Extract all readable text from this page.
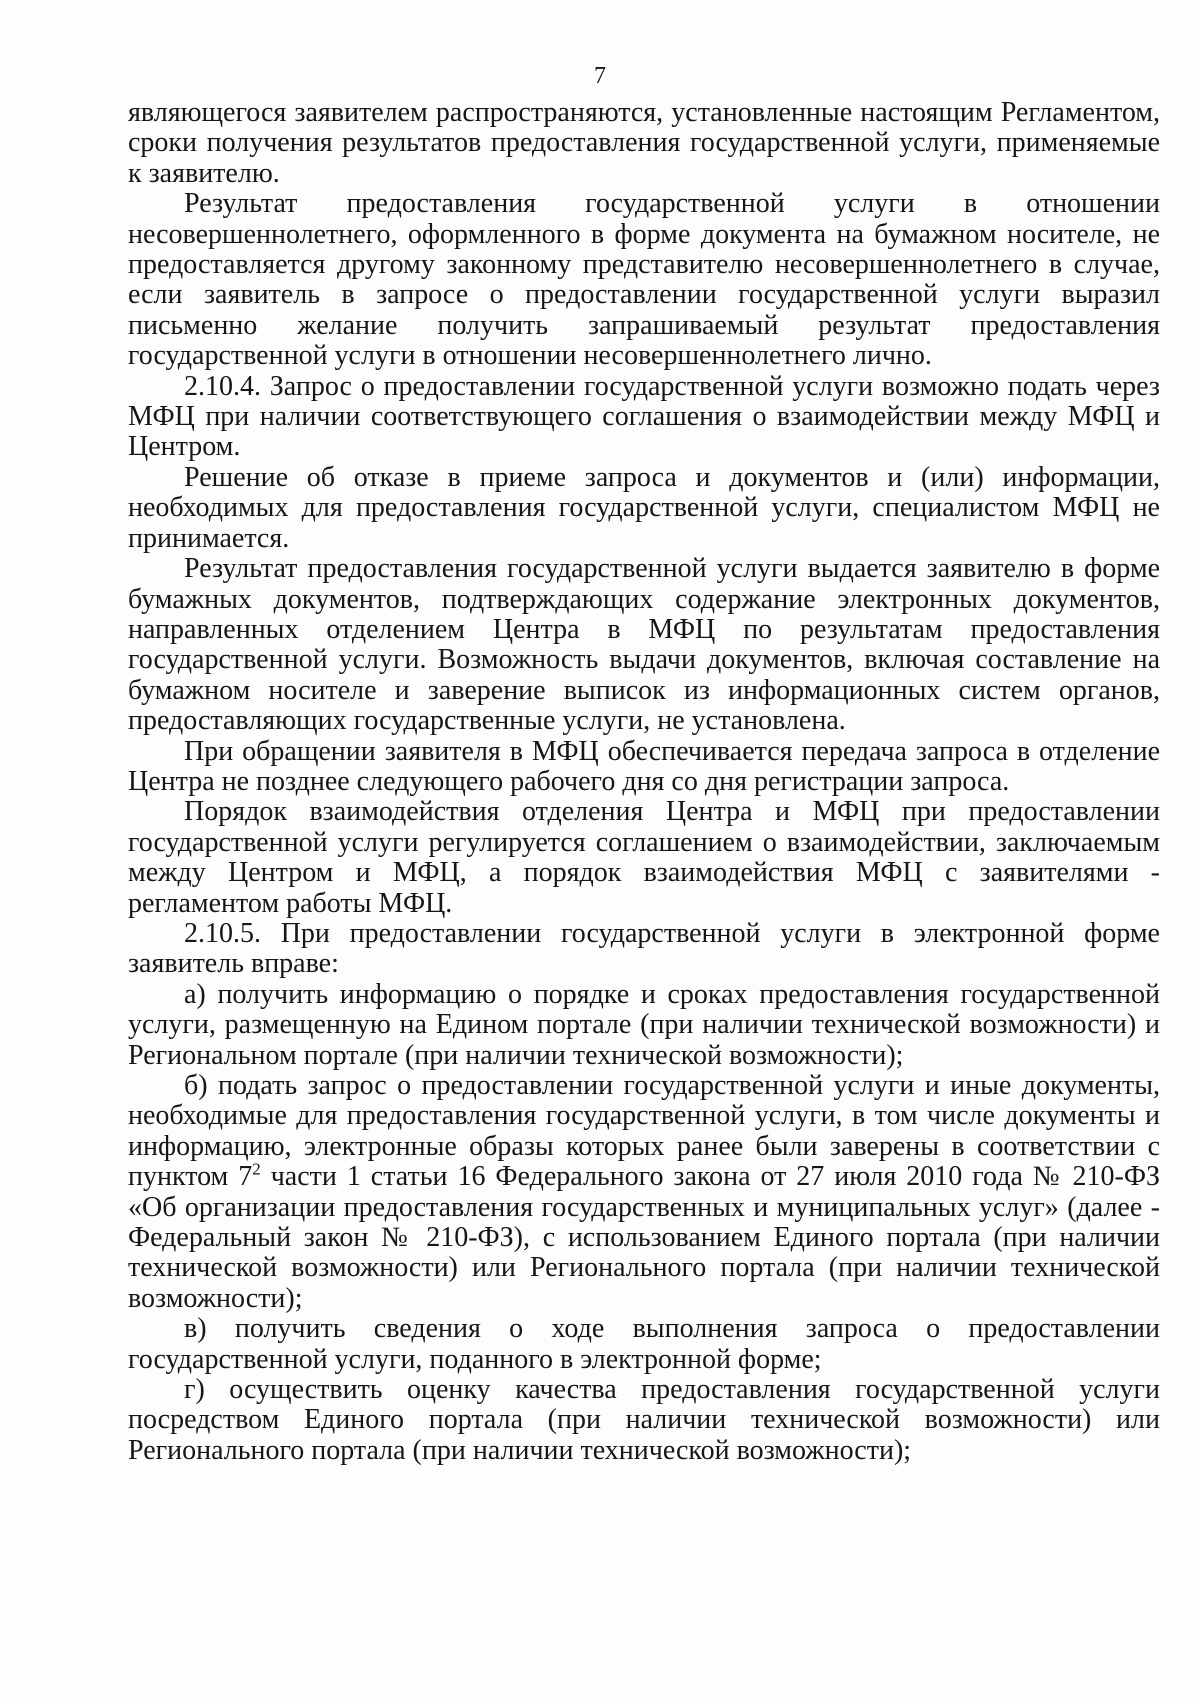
7

являющегося заявителем распространяются, установленные настоящим Регламентом, сроки получения результатов предоставления государственной услуги, применяемые к заявителю.

Результат предоставления государственной услуги в отношении несовершеннолетнего, оформленного в форме документа на бумажном носителе, не предоставляется другому законному представителю несовершеннолетнего в случае, если заявитель в запросе о предоставлении государственной услуги выразил письменно желание получить запрашиваемый результат предоставления государственной услуги в отношении несовершеннолетнего лично.

2.10.4. Запрос о предоставлении государственной услуги возможно подать через МФЦ при наличии соответствующего соглашения о взаимодействии между МФЦ и Центром.

Решение об отказе в приеме запроса и документов и (или) информации, необходимых для предоставления государственной услуги, специалистом МФЦ не принимается.

Результат предоставления государственной услуги выдается заявителю в форме бумажных документов, подтверждающих содержание электронных документов, направленных отделением Центра в МФЦ по результатам предоставления государственной услуги. Возможность выдачи документов, включая составление на бумажном носителе и заверение выписок из информационных систем органов, предоставляющих государственные услуги, не установлена.

При обращении заявителя в МФЦ обеспечивается передача запроса в отделение Центра не позднее следующего рабочего дня со дня регистрации запроса.

Порядок взаимодействия отделения Центра и МФЦ при предоставлении государственной услуги регулируется соглашением о взаимодействии, заключаемым между Центром и МФЦ, а порядок взаимодействия МФЦ с заявителями - регламентом работы МФЦ.

2.10.5. При предоставлении государственной услуги в электронной форме заявитель вправе:

а) получить информацию о порядке и сроках предоставления государственной услуги, размещенную на Едином портале (при наличии технической возможности) и Региональном портале (при наличии технической возможности);

б) подать запрос о предоставлении государственной услуги и иные документы, необходимые для предоставления государственной услуги, в том числе документы и информацию, электронные образы которых ранее были заверены в соответствии с пунктом $7^2$ части 1 статьи 16 Федерального закона от 27 июля 2010 года № 210-ФЗ «Об организации предоставления государственных и муниципальных услуг» (далее - Федеральный закон № 210-ФЗ), с использованием Единого портала (при наличии технической возможности) или Регионального портала (при наличии технической возможности);

в) получить сведения о ходе выполнения запроса о предоставлении государственной услуги, поданного в электронной форме;

г) осуществить оценку качества предоставления государственной услуги посредством Единого портала (при наличии технической возможности) или Регионального портала (при наличии технической возможности);
